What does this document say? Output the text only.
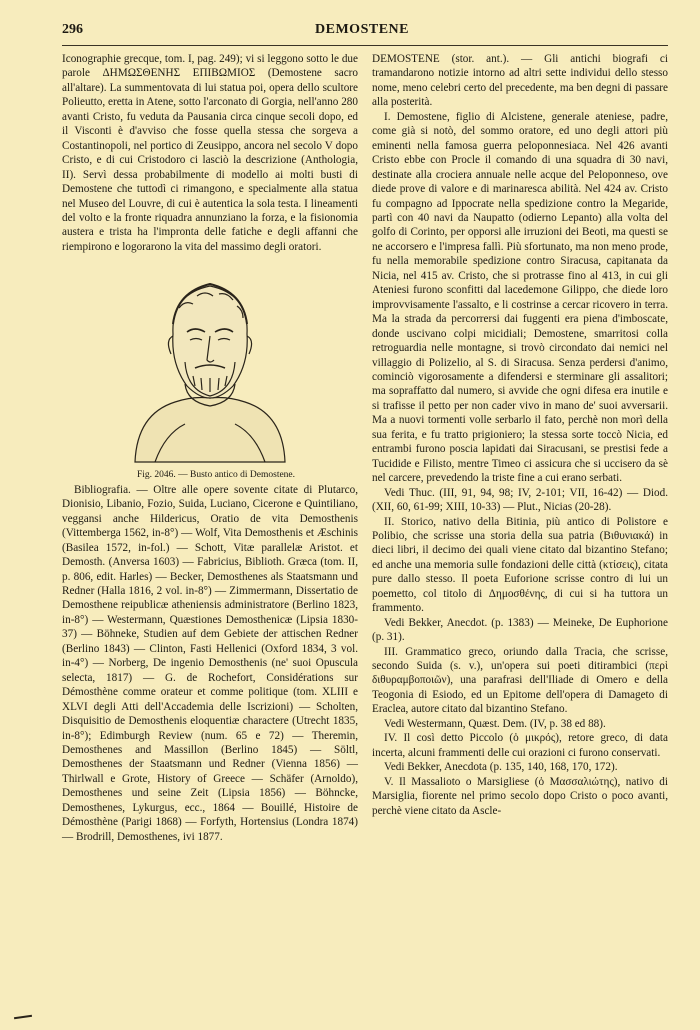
296	DEMOSTENE

Iconographie grecque, tom. I, pag. 249); vi si leggono sotto le due parole ΔΗΜΩΣΘΕΝΗΣ ΕΠΙΒΩΜΙΟΣ (Demostene sacro all'altare). La summentovata di lui statua poi, opera dello scultore Polieutto, eretta in Atene, sotto l'arconato di Gorgia, nell'anno 280 avanti Cristo, fu veduta da Pausania circa cinque secoli dopo, ed il Visconti è d'avviso che fosse quella stessa che sorgeva a Costantinopoli, nel portico di Zeusippo, ancora nel secolo V dopo Cristo, e di cui Cristodoro ci lasciò la descrizione (Anthologia, II). Servì dessa probabilmente di modello ai molti busti di Demostene che tuttodì ci rimangono, e specialmente alla statua nel Museo del Louvre, di cui è autentica la sola testa. I lineamenti del volto e la fronte riquadra annunziano la forza, e la fisionomia austera e trista ha l'impronta delle fatiche e degli affanni che riempirono e logorarono la vita del massimo degli oratori.

Fig. 2046. — Busto antico di Demostene.

Bibliografia. — Oltre alle opere sovente citate di Plutarco, Dionisio, Libanio, Fozio, Suida, Luciano, Cicerone e Quintiliano, veggansi anche Hildericus, Oratio de vita Demosthenis (Vittemberga 1562, in-8°) — Wolf, Vita Demosthenis et Æschinis (Basilea 1572, in-fol.) — Schott, Vitæ parallelæ Aristot. et Demosth. (Anversa 1603) — Fabricius, Biblioth. Græca (tom. II, p. 806, edit. Harles) — Becker, Demosthenes als Staatsmann und Redner (Halla 1816, 2 vol. in-8°) — Zimmermann, Dissertatio de Demosthene reipublicæ atheniensis administratore (Berlino 1823, in-8°) — Westermann, Quæstiones Demosthenicæ (Lipsia 1830-37) — Böhneke, Studien auf dem Gebiete der attischen Redner (Berlino 1843) — Clinton, Fasti Hellenici (Oxford 1834, 3 vol. in-4°) — Norberg, De ingenio Demosthenis (ne' suoi Opuscula selecta, 1817) — G. de Rochefort, Considérations sur Démosthène comme orateur et comme politique (tom. XLIII e XLVI degli Atti dell'Accademia delle Iscrizioni) — Scholten, Disquisitio de Demosthenis eloquentiæ charactere (Utrecht 1835, in-8°); Edimburgh Review (num. 65 e 72) — Theremin, Demosthenes and Massillon (Berlino 1845) — Söltl, Demosthenes der Staatsmann und Redner (Vienna 1856) — Thirlwall e Grote, History of Greece — Schäfer (Arnoldo), Demosthenes und seine Zeit (Lipsia 1856) — Böhncke, Demosthenes, Lykurgus, ecc., 1864 — Bouillé, Histoire de Démosthène (Parigi 1868) — Forfyth, Hortensius (Londra 1874) — Brodrill, Demosthenes, ivi 1877.

DEMOSTENE (stor. ant.). — Gli antichi biografi ci tramandarono notizie intorno ad altri sette individui dello stesso nome, meno celebri certo del precedente, ma ben degni di passare alla posterità.

I. Demostene, figlio di Alcistene, generale ateniese, padre, come già si notò, del sommo oratore, ed uno degli attori più eminenti nella famosa guerra peloponnesiaca. Nel 426 avanti Cristo ebbe con Procle il comando di una squadra di 30 navi, destinate alla crociera annuale nelle acque del Peloponneso, ove diede prove di valore e di marinaresca abilità. Nel 424 av. Cristo fu compagno ad Ippocrate nella spedizione contro la Megaride, partì con 40 navi da Naupatto (odierno Lepanto) alla volta del golfo di Corinto, per opporsi alle irruzioni dei Beoti, ma questi se ne accorsero e l'impresa fallì. Più sfortunato, ma non meno prode, fu nella memorabile spedizione contro Siracusa, capitanata da Nicia, nel 415 av. Cristo, che si protrasse fino al 413, in cui gli Ateniesi furono sconfitti dal lacedemone Gilippo, che diede loro improvvisamente l'assalto, e li costrinse a cercar ricovero in terra. Ma la strada da percorrersi dai fuggenti era piena d'imboscate, donde uscivano colpi micidiali; Demostene, smarritosi colla retroguardia nelle montagne, si trovò circondato dai nemici nel villaggio di Polizelio, al S. di Siracusa. Senza perdersi d'animo, cominciò vigorosamente a difendersi e sterminare gli assalitori; ma sopraffatto dal numero, si avvide che ogni difesa era inutile e si trafisse il petto per non cader vivo in mano de' suoi avversarii. Ma a nuovi tormenti volle serbarlo il fato, perchè non morì della sua ferita, e fu tratto prigioniero; la stessa sorte toccò Nicia, ed entrambi furono poscia lapidati dai Siracusani, se prestisi fede a Tucidide e Filisto, mentre Timeo ci assicura che si uccisero da sè nel carcere, prevedendo la triste fine a cui erano serbati.

Vedi Thuc. (III, 91, 94, 98; IV, 2-101; VII, 16-42) — Diod. (XII, 60, 61-99; XIII, 10-33) — Plut., Nicias (20-28).

II. Storico, nativo della Bitinia, più antico di Polistore e Polibio, che scrisse una storia della sua patria (Βιθυνιακά) in dieci libri, il decimo dei quali viene citato dal bizantino Stefano; ed anche una memoria sulle fondazioni delle città (κτίσεις), citata pure dallo stesso. Il poeta Euforione scrisse contro di lui un poemetto, col titolo di Δημοσθένης, di cui si ha tuttora un frammento.

Vedi Bekker, Anecdot. (p. 1383) — Meineke, De Euphorione (p. 31).

III. Grammatico greco, oriundo dalla Tracia, che scrisse, secondo Suida (s. v.), un'opera sui poeti ditirambici (περὶ διθυραμβοποιῶν), una parafrasi dell'Iliade di Omero e della Teogonia di Esiodo, ed un Epitome dell'opera di Damageto di Eraclea, autore citato dal bizantino Stefano.

Vedi Westermann, Quæst. Dem. (IV, p. 38 ed 88).

IV. Il così detto Piccolo (ὁ μικρός), retore greco, di data incerta, alcuni frammenti delle cui orazioni ci furono conservati.

Vedi Bekker, Anecdota (p. 135, 140, 168, 170, 172).

V. Il Massalioto o Marsigliese (ὁ Μασσαλιώτης), nativo di Marsiglia, fiorente nel primo secolo dopo Cristo o poco avanti, perchè viene citato da Ascle-
